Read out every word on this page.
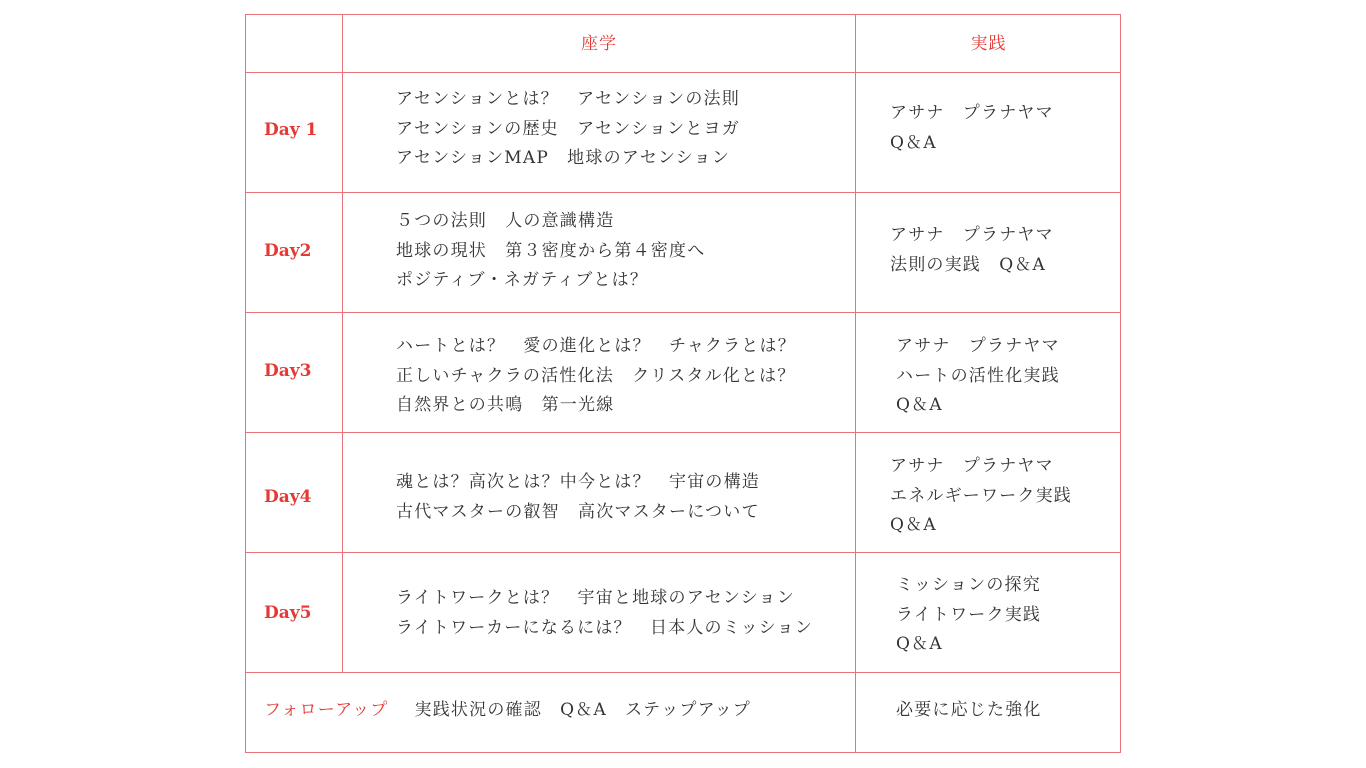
座学	実践
Day 1
アセンションとは？　アセンションの法則
アセンションの歴史　アセンションとヨガ
アセンションMAP　地球のアセンション
アサナ　プラナヤマ
Q＆A
Day2
５つの法則　人の意識構造
地球の現状　第３密度から第４密度へ
ポジティブ・ネガティブとは？
アサナ　プラナヤマ
法則の実践　Q＆A
Day3
ハートとは？　愛の進化とは？　チャクラとは？
正しいチャクラの活性化法　クリスタル化とは？
自然界との共鳴　第一光線
アサナ　プラナヤマ
ハートの活性化実践
Q＆A
Day4
魂とは？高次とは？中今とは？　宇宙の構造
古代マスターの叡智　高次マスターについて
アサナ　プラナヤマ
エネルギーワーク実践
Q＆A
Day5
ライトワークとは？　宇宙と地球のアセンション
ライトワーカーになるには？　日本人のミッション
ミッションの探究
ライトワーク実践
Q＆A
フォローアップ 実践状況の確認　Q＆A　ステップアップ	必要に応じた強化
